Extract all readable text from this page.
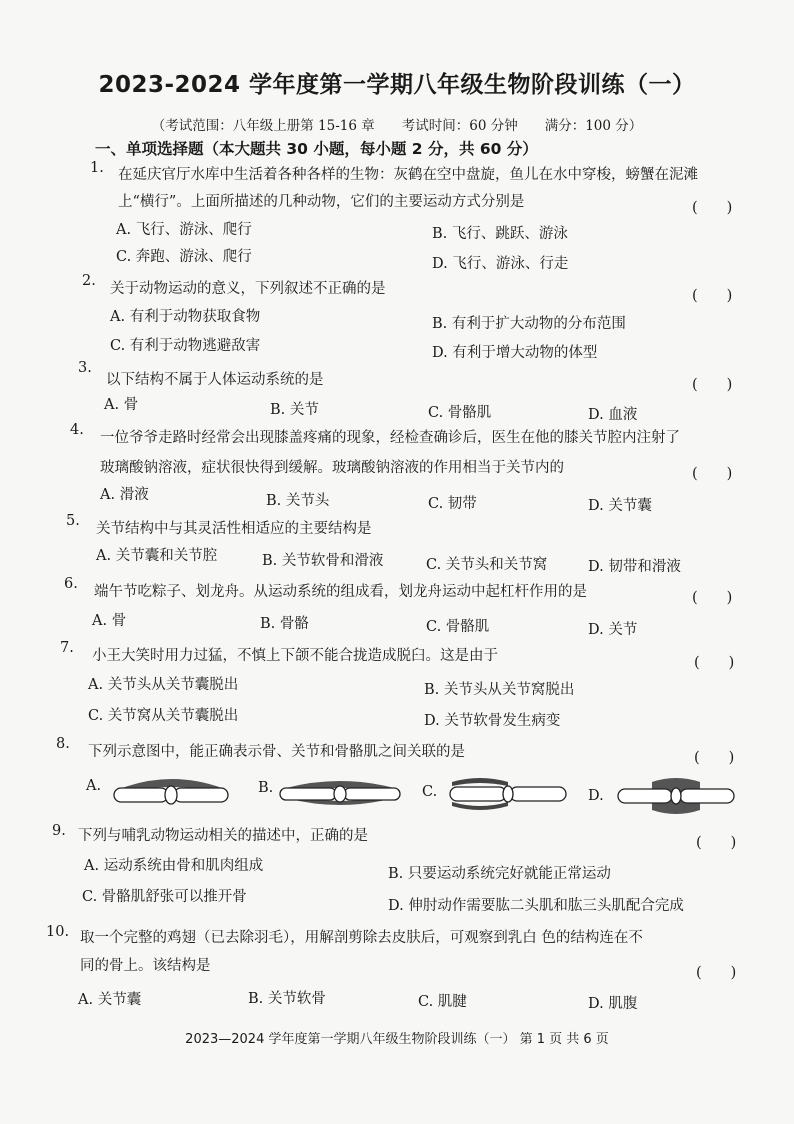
2023-2024 学年度第一学期八年级生物阶段训练（一）
（考试范围：八年级上册第 15-16 章　　考试时间：60 分钟　　满分：100 分）
一、单项选择题（本大题共 30 小题，每小题 2 分，共 60 分）
1. 在延庆官厅水库中生活着各种各样的生物：灰鹤在空中盘旋，鱼儿在水中穿梭，螃蟹在泥滩
上“横行”。上面所描述的几种动物，它们的主要运动方式分别是	(　　)
A. 飞行、游泳、爬行	B. 飞行、跳跃、游泳
C. 奔跑、游泳、爬行	D. 飞行、游泳、行走
2. 关于动物运动的意义，下列叙述不正确的是	(　　)
A. 有利于动物获取食物	B. 有利于扩大动物的分布范围
C. 有利于动物逃避敌害	D. 有利于增大动物的体型
3.
以下结构不属于人体运动系统的是	(　　)
A. 骨	B. 关节	C. 骨骼肌	D. 血液
4. 一位爷爷走路时经常会出现膝盖疼痛的现象，经检查确诊后，医生在他的膝关节腔内注射了
玻璃酸钠溶液，症状很快得到缓解。玻璃酸钠溶液的作用相当于关节内的	(　　)
A. 滑液	B. 关节头	C. 韧带	D. 关节囊
5. 关节结构中与其灵活性相适应的主要结构是
A. 关节囊和关节腔	B. 关节软骨和滑液	C. 关节头和关节窝	D. 韧带和滑液
6. 端午节吃粽子、划龙舟。从运动系统的组成看，划龙舟运动中起杠杆作用的是	(　　)
A. 骨	B. 骨骼	C. 骨骼肌	D. 关节
7. 小王大笑时用力过猛，不慎上下颌不能合拢造成脱臼。这是由于	(　　)
A. 关节头从关节囊脱出	B. 关节头从关节窝脱出
C. 关节窝从关节囊脱出	D. 关节软骨发生病变
8. 下列示意图中，能正确表示骨、关节和骨骼肌之间关联的是	(　　)
A.	B.	C.	D.
9. 下列与哺乳动物运动相关的描述中，正确的是	(　　)
A. 运动系统由骨和肌肉组成	B. 只要运动系统完好就能正常运动
C. 骨骼肌舒张可以推开骨
D. 伸肘动作需要肱二头肌和肱三头肌配合完成
10. 取一个完整的鸡翅（已去除羽毛），用解剖剪除去皮肤后，可观察到乳白 色的结构连在不
同的骨上。该结构是	(　　)
A. 关节囊	B. 关节软骨	C. 肌腱	D. 肌腹
2023—2024 学年度第一学期八年级生物阶段训练（一） 第 1 页 共 6 页
